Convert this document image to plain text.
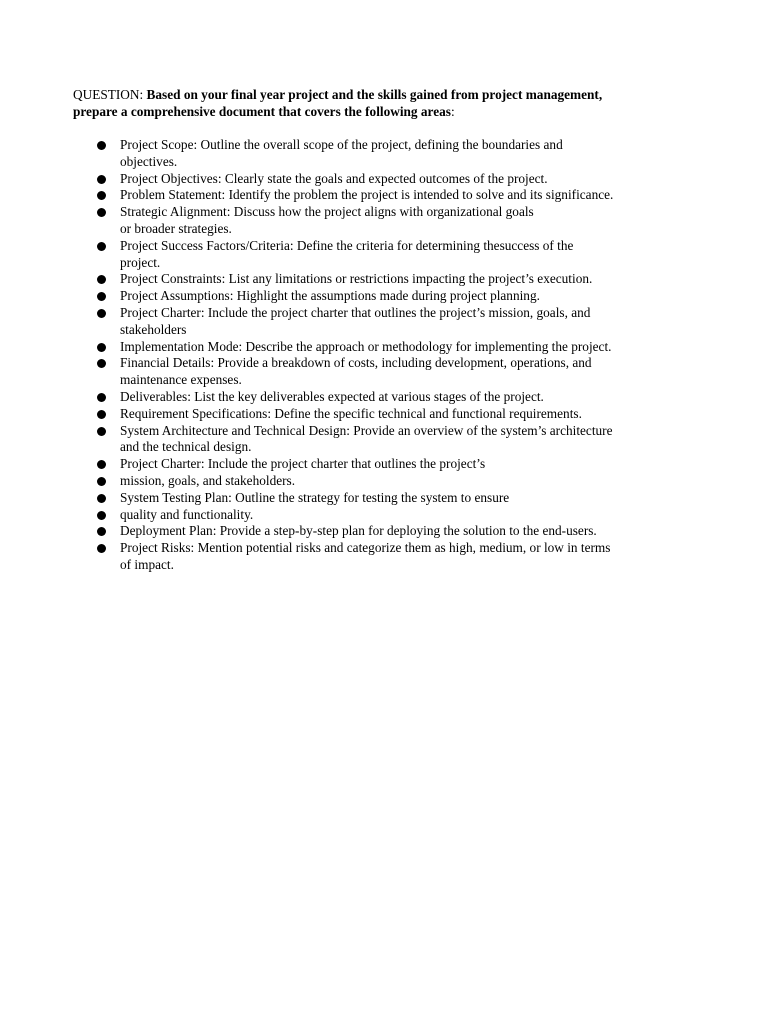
QUESTION: Based on your final year project and the skills gained from project management,
prepare a comprehensive document that covers the following areas:

Project Scope: Outline the overall scope of the project, defining the boundaries and
objectives.
Project Objectives: Clearly state the goals and expected outcomes of the project.
Problem Statement: Identify the problem the project is intended to solve and its significance.
Strategic Alignment: Discuss how the project aligns with organizational goals
or broader strategies.
Project Success Factors/Criteria: Define the criteria for determining thesuccess of the
project.
Project Constraints: List any limitations or restrictions impacting the project’s execution.
Project Assumptions: Highlight the assumptions made during project planning.
Project Charter: Include the project charter that outlines the project’s mission, goals, and
stakeholders
Implementation Mode: Describe the approach or methodology for implementing the project.
Financial Details: Provide a breakdown of costs, including development, operations, and
maintenance expenses.
Deliverables: List the key deliverables expected at various stages of the project.
Requirement Specifications: Define the specific technical and functional requirements.
System Architecture and Technical Design: Provide an overview of the system’s architecture
and the technical design.
Project Charter: Include the project charter that outlines the project’s
mission, goals, and stakeholders.
System Testing Plan: Outline the strategy for testing the system to ensure
quality and functionality.
Deployment Plan: Provide a step-by-step plan for deploying the solution to the end-users.
Project Risks: Mention potential risks and categorize them as high, medium, or low in terms
of impact.
